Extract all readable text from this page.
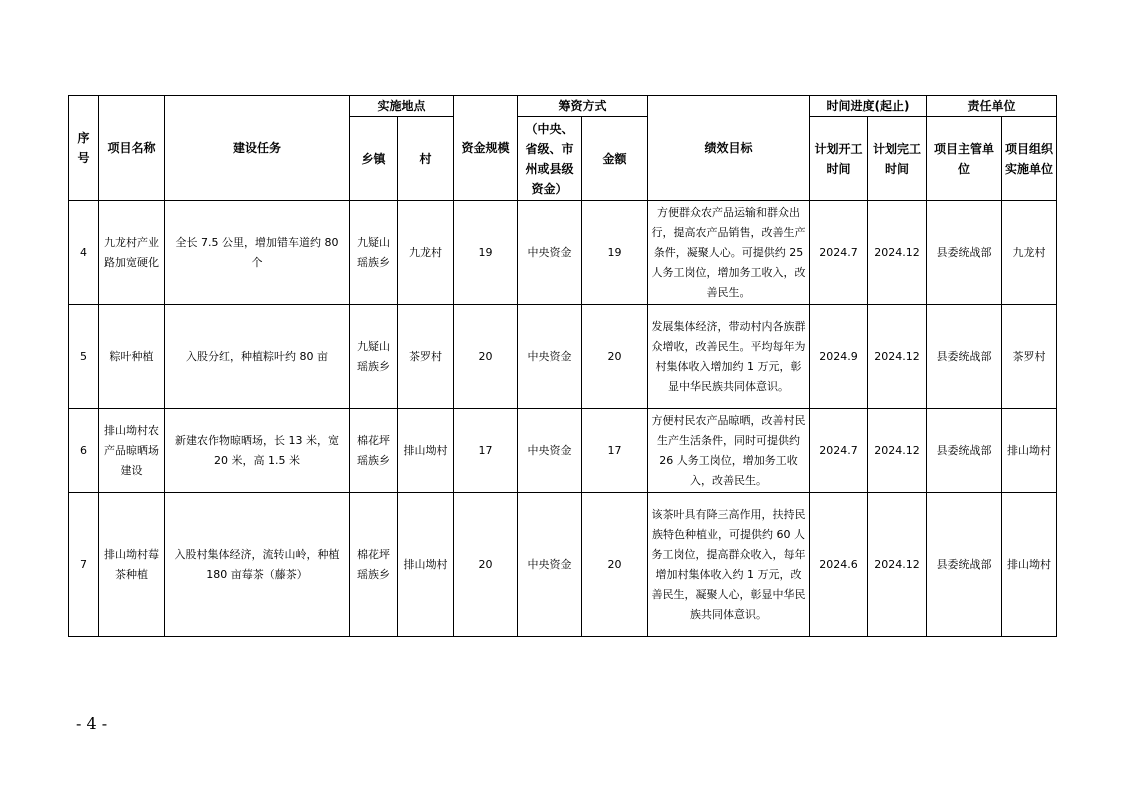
序号	项目名称	建设任务	实施地点		资金规模	筹资方式		绩效目标	时间进度(起止)		责任单位	
			乡镇	村		（中央、省级、市州或县级资金）	金额		计划开工时间	计划完工时间	项目主管单位	项目组织实施单位
4	九龙村产业路加宽硬化	全长 7.5 公里，增加错车道约 80 个	九疑山瑶族乡	九龙村	19	中央资金	19	方便群众农产品运输和群众出行，提高农产品销售，改善生产条件，凝聚人心。可提供约 25 人务工岗位，增加务工收入，改善民生。	2024.7	2024.12	县委统战部	九龙村
5	粽叶种植	入股分红，种植粽叶约 80 亩	九疑山瑶族乡	茶罗村	20	中央资金	20	发展集体经济，带动村内各族群众增收，改善民生。平均每年为村集体收入增加约 1 万元，彰显中华民族共同体意识。	2024.9	2024.12	县委统战部	茶罗村
6	排山坳村农产品晾晒场建设	新建农作物晾晒场，长 13 米，宽 20 米，高 1.5 米	棉花坪瑶族乡	排山坳村	17	中央资金	17	方便村民农产品晾晒，改善村民生产生活条件，同时可提供约 26 人务工岗位，增加务工收入，改善民生。	2024.7	2024.12	县委统战部	排山坳村
7	排山坳村莓茶种植	入股村集体经济，流转山岭，种植 180 亩莓茶（藤茶）	棉花坪瑶族乡	排山坳村	20	中央资金	20	该茶叶具有降三高作用，扶持民族特色种植业，可提供约 60 人务工岗位，提高群众收入，每年增加村集体收入约 1 万元，改善民生，凝聚人心，彰显中华民族共同体意识。	2024.6	2024.12	县委统战部	排山坳村
- 4 -
